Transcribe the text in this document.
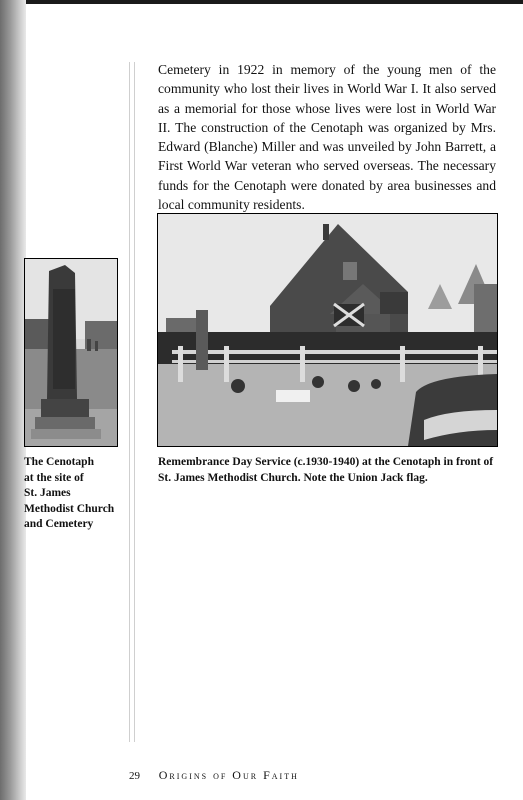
Cemetery in 1922 in memory of the young men of the community who lost their lives in World War I. It also served as a memorial for those whose lives were lost in World War II. The construction of the Cenotaph was organized by Mrs. Edward (Blanche) Miller and was unveiled by John Barrett, a First World War veteran who served overseas. The necessary funds for the Cenotaph were donated by area businesses and local community residents.

The Cenotaph
at the site of
St. James
Methodist Church
and Cemetery

Remembrance Day Service (c.1930-1940) at the Cenotaph in front of St. James Methodist Church. Note the Union Jack flag.

29 Origins of Our Faith
